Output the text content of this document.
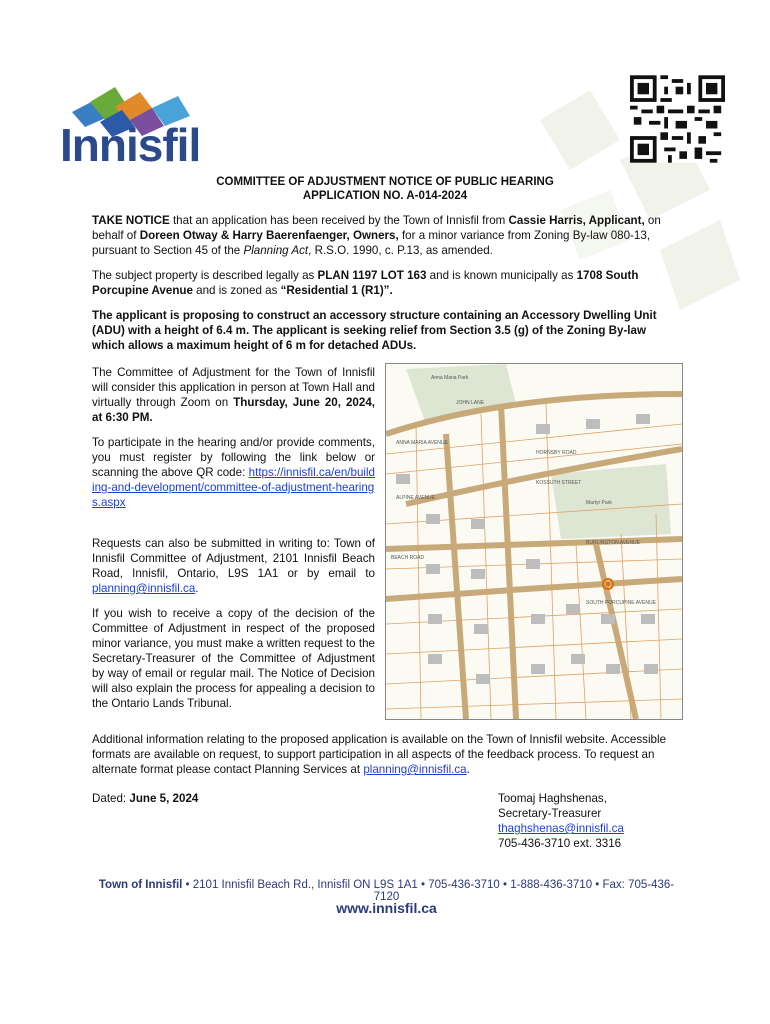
Innisfil
COMMITTEE OF ADJUSTMENT NOTICE OF PUBLIC HEARING
APPLICATION NO. A-014-2024
TAKE NOTICE that an application has been received by the Town of Innisfil from Cassie Harris, Applicant, on behalf of Doreen Otway & Harry Baerenfaenger, Owners, for a minor variance from Zoning By-law 080-13, pursuant to Section 45 of the Planning Act, R.S.O. 1990, c. P.13, as amended.
The subject property is described legally as PLAN 1197 LOT 163 and is known municipally as 1708 South Porcupine Avenue and is zoned as “Residential 1 (R1)”.
The applicant is proposing to construct an accessory structure containing an Accessory Dwelling Unit (ADU) with a height of 6.4 m. The applicant is seeking relief from Section 3.5 (g) of the Zoning By-law which allows a maximum height of 6 m for detached ADUs.
The Committee of Adjustment for the Town of Innisfil will consider this application in person at Town Hall and virtually through Zoom on Thursday, June 20, 2024, at 6:30 PM.
To participate in the hearing and/or provide comments, you must register by following the link below or scanning the above QR code: https://innisfil.ca/en/building-and-development/committee-of-adjustment-hearings.aspx
Requests can also be submitted in writing to: Town of Innisfil Committee of Adjustment, 2101 Innisfil Beach Road, Innisfil, Ontario, L9S 1A1 or by email to planning@innisfil.ca.
If you wish to receive a copy of the decision of the Committee of Adjustment in respect of the proposed minor variance, you must make a written request to the Secretary-Treasurer of the Committee of Adjustment by way of email or regular mail. The Notice of Decision will also explain the process for appealing a decision to the Ontario Lands Tribunal.
Anna Maria Park
Martyr Park
ANNA MARIA AVENUE
JOHN LANE
SOUTH PORCUPINE AVENUE
KOSSUTH STREET
ALPINE AVENUE
BURLINGTON AVENUE
HORNSBY ROAD
BEACH ROAD
Additional information relating to the proposed application is available on the Town of Innisfil website. Accessible formats are available on request, to support participation in all aspects of the feedback process. To request an alternate format please contact Planning Services at planning@innisfil.ca.
Dated: June 5, 2024	Toomaj Haghshenas,
Secretary-Treasurer
thaghshenas@innisfil.ca
705-436-3710 ext. 3316
Town of Innisfil • 2101 Innisfil Beach Rd., Innisfil ON L9S 1A1 • 705-436-3710 • 1-888-436-3710 • Fax: 705-436-7120
www.innisfil.ca
